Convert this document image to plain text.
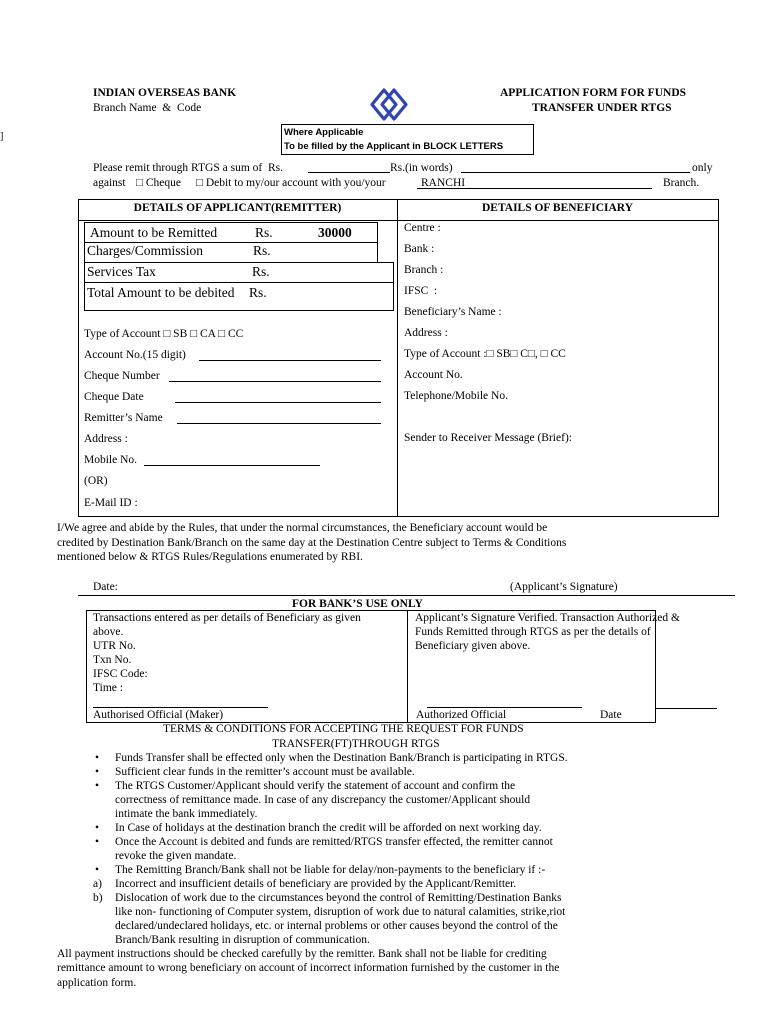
]
INDIAN OVERSEAS BANK
Branch Name  &  Code
APPLICATION FORM FOR FUNDS
TRANSFER UNDER RTGS
Where Applicable
To be filled by the Applicant in BLOCK LETTERS
Please remit through RTGS a sum of  Rs.	Rs.(in words)	only
against □ Cheque □ Debit to my/our account with you/your	RANCHI	Branch.
DETAILS OF APPLICANT(REMITTER)	DETAILS OF BENEFICIARY
Amount to be Remitted	Rs.	30000
Charges/Commission	Rs.
Services Tax	Rs.
Total Amount to be debited Rs.
Type of Account □ SB □ CA □ CC
Account No.(15 digit)
Cheque Number
Cheque Date
Remitter’s Name
Address :
Mobile No.
(OR)
E-Mail ID :
Centre :
Bank :
Branch :
IFSC  :
Beneficiary’s Name :
Address :
Type of Account :□ SB□ C□, □ CC
Account No.
Telephone/Mobile No.
Sender to Receiver Message (Brief):
I/We agree and abide by the Rules, that under the normal circumstances, the Beneficiary account would be
credited by Destination Bank/Branch on the same day at the Destination Centre subject to Terms & Conditions
mentioned below & RTGS Rules/Regulations enumerated by RBI.
Date:	(Applicant’s Signature)
FOR BANK’S USE ONLY
Transactions entered as per details of Beneficiary as given
above.
UTR No.
Txn No.
IFSC Code:
Time :
Authorised Official (Maker)
Applicant’s Signature Verified. Transaction Authorized &
Funds Remitted through RTGS as per the details of
Beneficiary given above.
Authorized Official	Date
TERMS & CONDITIONS FOR ACCEPTING THE REQUEST FOR FUNDS
TRANSFER(FT)THROUGH RTGS
• Funds Transfer shall be effected only when the Destination Bank/Branch is participating in RTGS.
• Sufficient clear funds in the remitter’s account must be available.
• The RTGS Customer/Applicant should verify the statement of account and confirm the
correctness of remittance made. In case of any discrepancy the customer/Applicant should
intimate the bank immediately.
• In Case of holidays at the destination branch the credit will be afforded on next working day.
• Once the Account is debited and funds are remitted/RTGS transfer effected, the remitter cannot
revoke the given mandate.
• The Remitting Branch/Bank shall not be liable for delay/non-payments to the beneficiary if :-
a) Incorrect and insufficient details of beneficiary are provided by the Applicant/Remitter.
b) Dislocation of work due to the circumstances beyond the control of Remitting/Destination Banks
like non- functioning of Computer system, disruption of work due to natural calamities, strike,riot
declared/undeclared holidays, etc. or internal problems or other causes beyond the control of the
Branch/Bank resulting in disruption of communication.
All payment instructions should be checked carefully by the remitter. Bank shall not be liable for crediting
remittance amount to wrong beneficiary on account of incorrect information furnished by the customer in the
application form.
